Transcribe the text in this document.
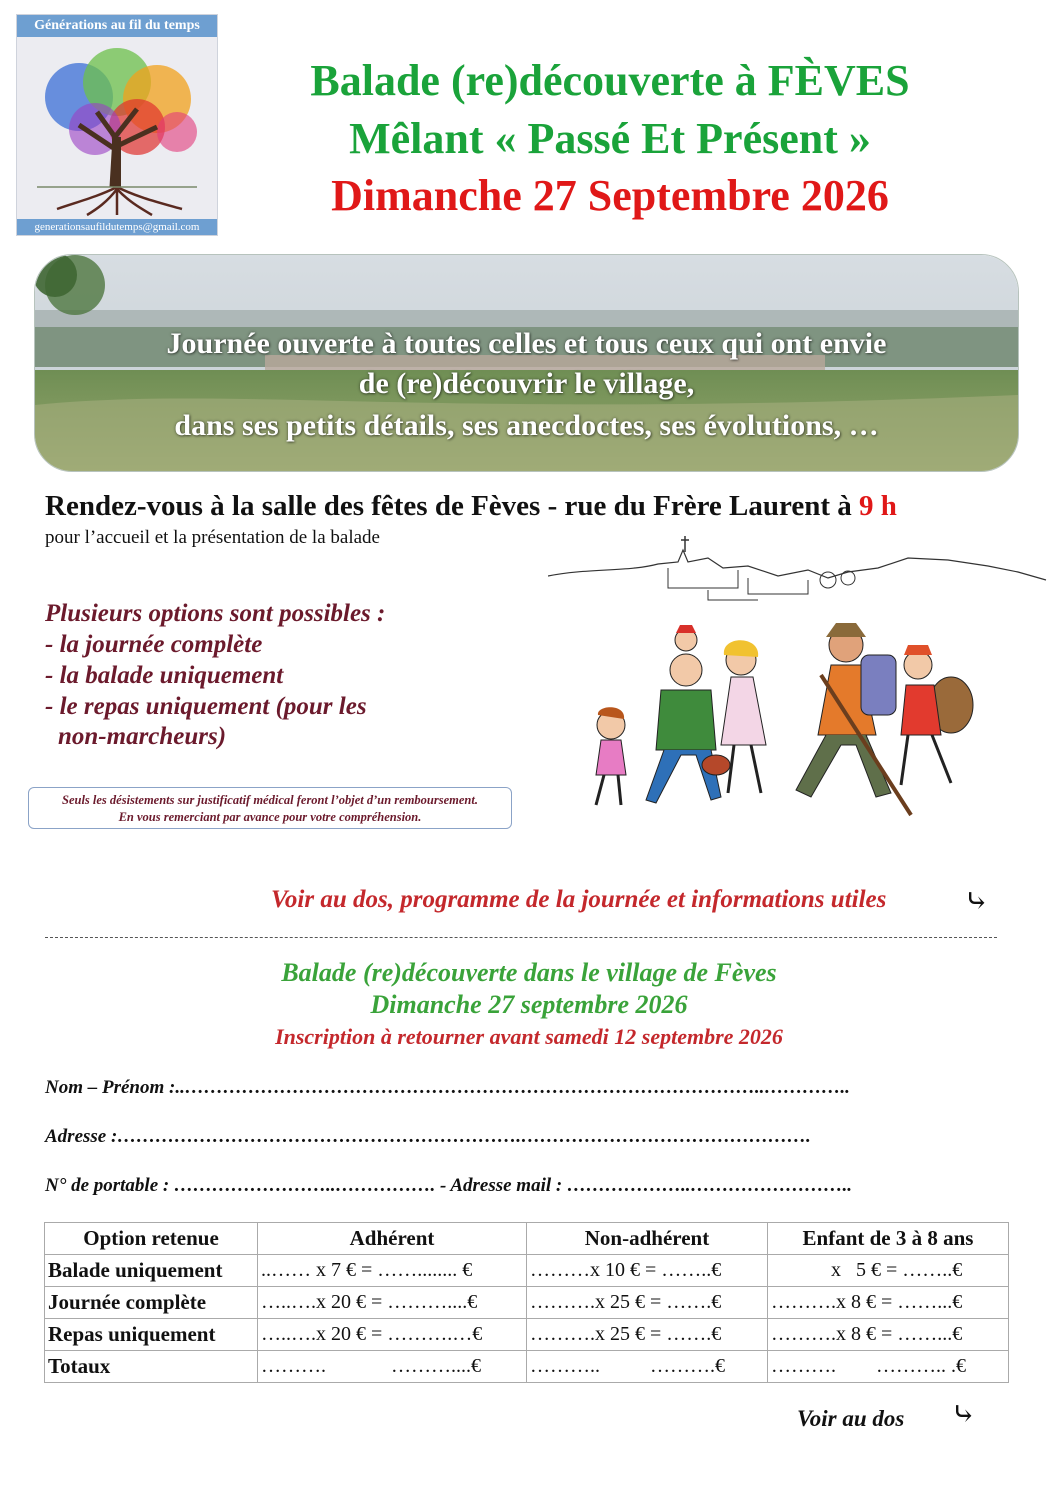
Générations au fil du temps
generationsaufildutemps@gmail.com
Balade (re)découverte à FÈVES
Mêlant « Passé Et Présent »
Dimanche 27 Septembre 2026
Journée ouverte à toutes celles et tous ceux qui ont envie
de (re)découvrir le village,
dans ses petits détails, ses anecdoctes, ses évolutions, …
Rendez-vous à la salle des fêtes de Fèves - rue du Frère Laurent à 9 h
pour l’accueil et la présentation de la balade
Plusieurs options sont possibles :
- la journée complète
- la balade uniquement
- le repas uniquement (pour les
non-marcheurs)
Seuls les désistements sur justificatif médical feront l’objet d’un remboursement.
En vous remerciant par avance pour votre compréhension.
Voir au dos, programme de la journée et informations utiles	⤷
Balade (re)découverte dans le village de Fèves
Dimanche 27 septembre 2026
Inscription à retourner avant samedi 12 septembre 2026
Nom – Prénom :..………………………………………………………………………………..…………..
Adresse :……………………………………………………….……………………………………….
N° de portable : ……………………..……………. - Adresse mail : ………………..……………………..
Option retenue	Adhérent	Non-adhérent	Enfant de 3 à 8 ans
Balade uniquement	..…… x 7 € = ……........ €	………x 10 € = ……..€	x   5 € = ……..€
Journée complète	…..….x 20 € = ………....€	……….x 25 € = …….€	……….x 8 € = ……...€
Repas uniquement	…..….x 20 € = ……….…€	……….x 25 € = …….€	……….x 8 € = ……...€
Totaux	……….             ………....€	………..          ……….€	……….        ……….. .€
Voir au dos ⤷
